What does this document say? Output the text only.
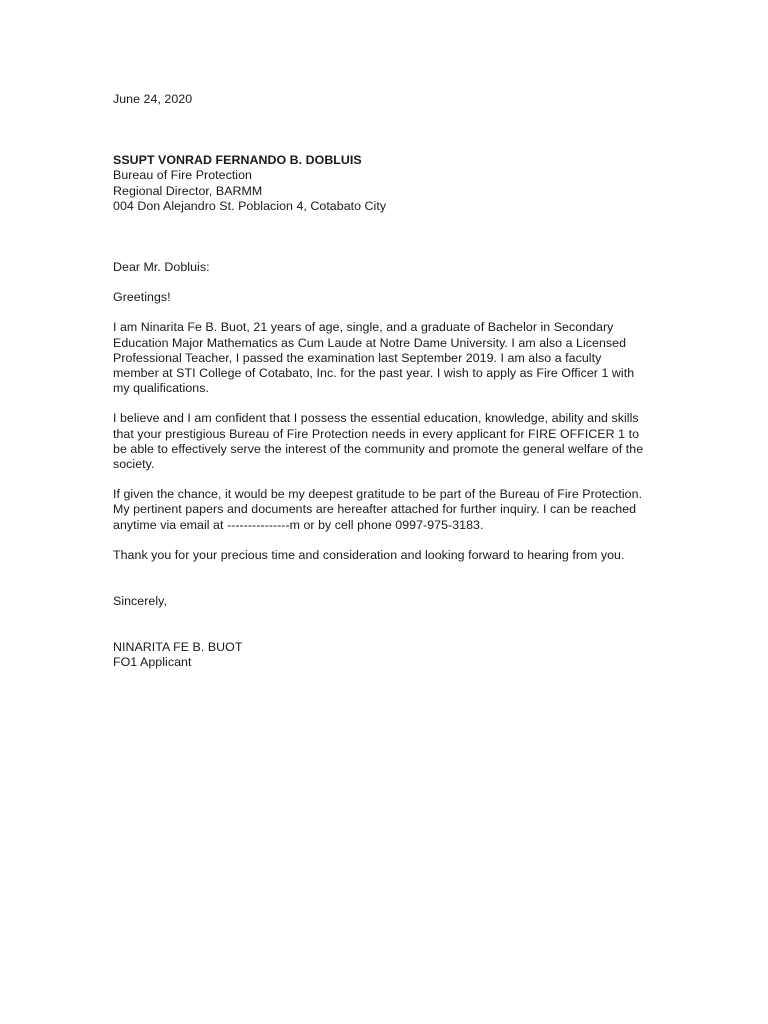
June 24, 2020
SSUPT VONRAD FERNANDO B. DOBLUIS
Bureau of Fire Protection
Regional Director, BARMM
004 Don Alejandro St. Poblacion 4, Cotabato City
Dear Mr. Dobluis:
Greetings!
I am Ninarita Fe B. Buot, 21 years of age, single, and a graduate of Bachelor in Secondary
Education Major Mathematics as Cum Laude at Notre Dame University. I am also a Licensed
Professional Teacher, I passed the examination last September 2019. I am also a faculty
member at STI College of Cotabato, Inc. for the past year. I wish to apply as Fire Officer 1 with
my qualifications.
I believe and I am confident that I possess the essential education, knowledge, ability and skills
that your prestigious Bureau of Fire Protection needs in every applicant for FIRE OFFICER 1 to
be able to effectively serve the interest of the community and promote the general welfare of the
society.
If given the chance, it would be my deepest gratitude to be part of the Bureau of Fire Protection.
My pertinent papers and documents are hereafter attached for further inquiry. I can be reached
anytime via email at ---------------m or by cell phone 0997-975-3183.
Thank you for your precious time and consideration and looking forward to hearing from you.
Sincerely,
NINARITA FE B. BUOT
FO1 Applicant
